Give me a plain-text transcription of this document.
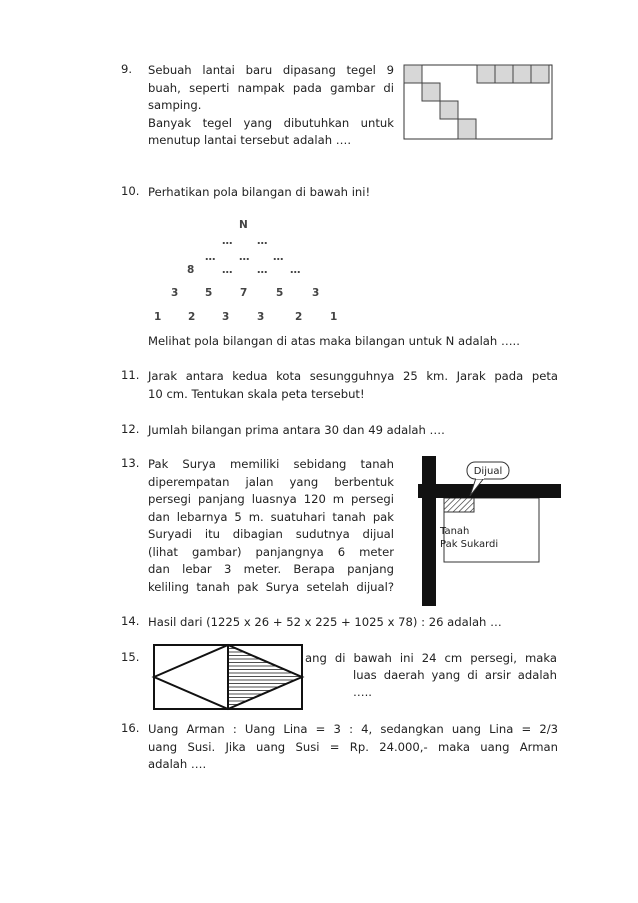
9. Sebuah lantai baru dipasang tegel 9
buah, seperti nampak pada gambar di
samping.
Banyak tegel yang dibutuhkan untuk
menutup lantai tersebut adalah ….
10. Perhatikan pola bilangan di bawah ini!
N
… …
… … …
8	… … …
3	5	7	5	3
1	2	3	3	2	1
Melihat pola bilangan di atas maka bilangan untuk N adalah …..
11. Jarak antara kedua kota sesungguhnya 25 km. Jarak pada peta
10 cm. Tentukan skala peta tersebut!
12. Jumlah bilangan prima antara 30 dan 49 adalah ….
13. Pak Surya memiliki sebidang tanah
diperempatan jalan yang berbentuk
persegi panjang luasnya 120 m persegi
dan lebarnya 5 m. suatuhari tanah pak
Suryadi itu dibagian sudutnya dijual
(lihat gambar) panjangnya 6 meter
dan lebar 3 meter. Berapa panjang
keliling tanah pak Surya setelah dijual?
Dijual
Tanah
Pak Sukardi
14. Hasil dari (1225 x 26 + 52 x 225 + 1025 x 78) : 26 adalah …
15.	ang di bawah ini 24 cm persegi, maka
luas daerah yang di arsir adalah
…..
16. Uang Arman : Uang Lina = 3 : 4, sedangkan uang Lina = 2/3
uang Susi. Jika uang Susi = Rp. 24.000,- maka uang Arman
adalah ….
